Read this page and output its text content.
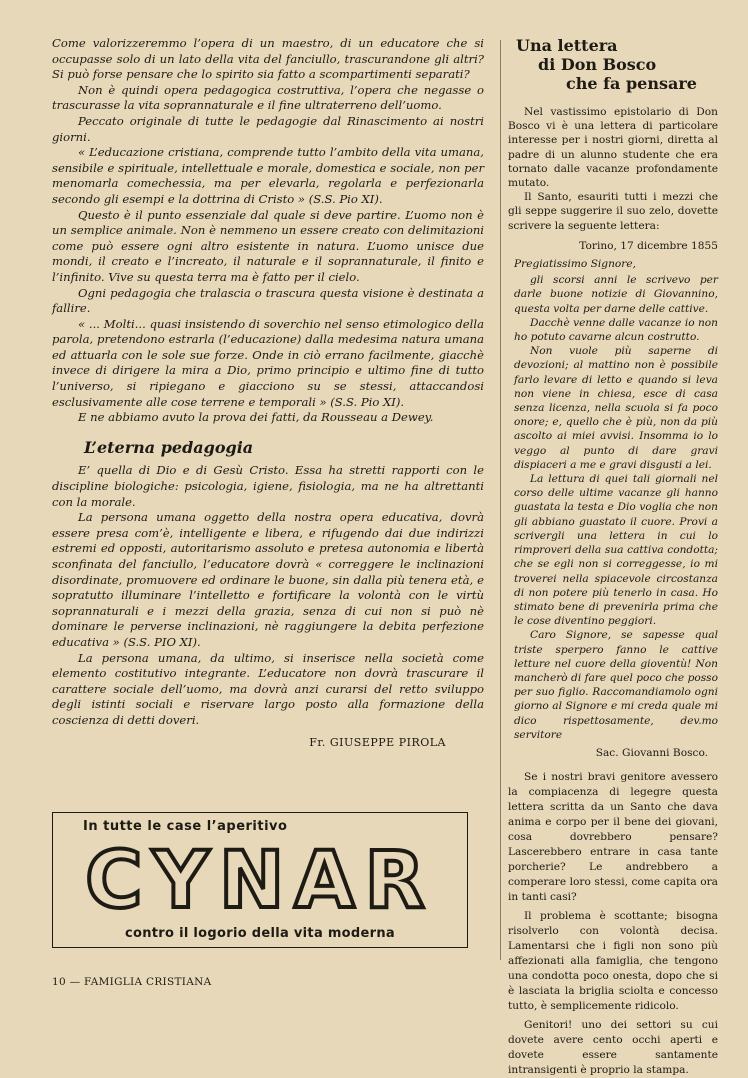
Come valorizzeremmo l’opera di un maestro, di un educatore che si occupasse solo di un lato della vita del fanciullo, trascurandone gli altri? Si può forse pensare che lo spirito sia fatto a scompartimenti separati?

Non è quindi opera pedagogica costruttiva, l’opera che negasse o trascurasse la vita soprannaturale e il fine ultraterreno dell’uomo.

Peccato originale di tutte le pedagogie dal Rinascimento ai nostri giorni.

« L’educazione cristiana, comprende tutto l’ambito della vita umana, sensibile e spirituale, intellettuale e morale, domestica e sociale, non per menomarla comechessia, ma per elevarla, regolarla e perfezionarla secondo gli esempi e la dottrina di Cristo » (S.S. Pio XI).

Questo è il punto essenziale dal quale si deve partire. L’uomo non è un semplice animale. Non è nemmeno un essere creato con delimitazioni come può essere ogni altro esistente in natura. L’uomo unisce due mondi, il creato e l’increato, il naturale e il soprannaturale, il finito e l’infinito. Vive su questa terra ma è fatto per il cielo.

Ogni pedagogia che tralascia o trascura questa visione è destinata a fallire.

« ... Molti... quasi insistendo di soverchio nel senso etimologico della parola, pretendono estrarla (l’educazione) dalla medesima natura umana ed attuarla con le sole sue forze. Onde in ciò errano facilmente, giacchè invece di dirigere la mira a Dio, primo principio e ultimo fine di tutto l’universo, si ripiegano e giacciono su se stessi, attaccandosi esclusivamente alle cose terrene e temporali » (S.S. Pio XI).

E ne abbiamo avuto la prova dei fatti, da Rousseau a Dewey.

L’eterna pedagogia

E’ quella di Dio e di Gesù Cristo. Essa ha stretti rapporti con le discipline biologiche: psicologia, igiene, fisiologia, ma ne ha altrettanti con la morale.

La persona umana oggetto della nostra opera educativa, dovrà essere presa com’è, intelligente e libera, e rifugendo dai due indirizzi estremi ed opposti, autoritarismo assoluto e pretesa autonomia e libertà sconfinata del fanciullo, l’educatore dovrà « correggere le inclinazioni disordinate, promuovere ed ordinare le buone, sin dalla più tenera età, e sopratutto illuminare l’intelletto e fortificare la volontà con le virtù soprannaturali e i mezzi della grazia, senza di cui non si può nè dominare le perverse inclinazioni, nè raggiungere la debita perfezione educativa » (S.S. PIO XI).

La persona umana, da ultimo, si inserisce nella società come elemento costitutivo integrante. L’educatore non dovrà trascurare il carattere sociale dell’uomo, ma dovrà anzi curarsi del retto sviluppo degli istinti sociali e riservare largo posto alla formazione della coscienza di detti doveri.

Fr. GIUSEPPE PIROLA
Una lettera
di Don Bosco
che fa pensare

Nel vastissimo epistolario di Don Bosco vi è una lettera di particolare interesse per i nostri giorni, diretta al padre di un alunno studente che era tornato dalle vacanze profondamente mutato.

Il Santo, esauriti tutti i mezzi che gli seppe suggerire il suo zelo, dovette scrivere la seguente lettera:

Torino, 17 dicembre 1855

Pregiatissimo Signore,

gli scorsi anni le scrivevo per darle buone notizie di Giovannino, questa volta per darne delle cattive.

Dacchè venne dalle vacanze io non ho potuto cavarne alcun costrutto.

Non vuole più saperne di devozioni; al mattino non è possibile farlo levare di letto e quando si leva non viene in chiesa, esce di casa senza licenza, nella scuola si fa poco onore; e, quello che è più, non da più ascolto ai miei avvisi. Insomma io lo veggo al punto di dare gravi dispiaceri a me e gravi disgusti a lei.

La lettura di quei tali giornali nel corso delle ultime vacanze gli hanno guastata la testa e Dio voglia che non gli abbiano guastato il cuore. Provi a scrivergli una lettera in cui lo rimproveri della sua cattiva condotta; che se egli non si correggesse, io mi troverei nella spiacevole circostanza di non potere più tenerlo in casa. Ho stimato bene di prevenirla prima che le cose diventino peggiori.

Caro Signore, se sapesse qual triste sperpero fanno le cattive letture nel cuore della gioventù! Non mancherò di fare quel poco che posso per suo figlio. Raccomandiamolo ogni giorno al Signore e mi creda quale mi dico rispettosamente, dev.mo servitore

Sac. Giovanni Bosco.

Se i nostri bravi genitore avessero la compiacenza di legegre questa lettera scritta da un Santo che dava anima e corpo per il bene dei giovani, cosa dovrebbero pensare? Lascerebbero entrare in casa tante porcherie? Le andrebbero a comperare loro stessi, come capita ora in tanti casi?

Il problema è scottante; bisogna risolverlo con volontà decisa. Lamentarsi che i figli non sono più affezionati alla famiglia, che tengono una condotta poco onesta, dopo che si è lasciata la briglia sciolta e concesso tutto, è semplicemente ridicolo.

Genitori! uno dei settori su cui dovete avere cento occhi aperti e dovete essere santamente intransigenti è proprio la stampa.

In tutte le case l’aperitivo
CYNAR
contro il logorio della vita moderna
10 — FAMIGLIA CRISTIANA
